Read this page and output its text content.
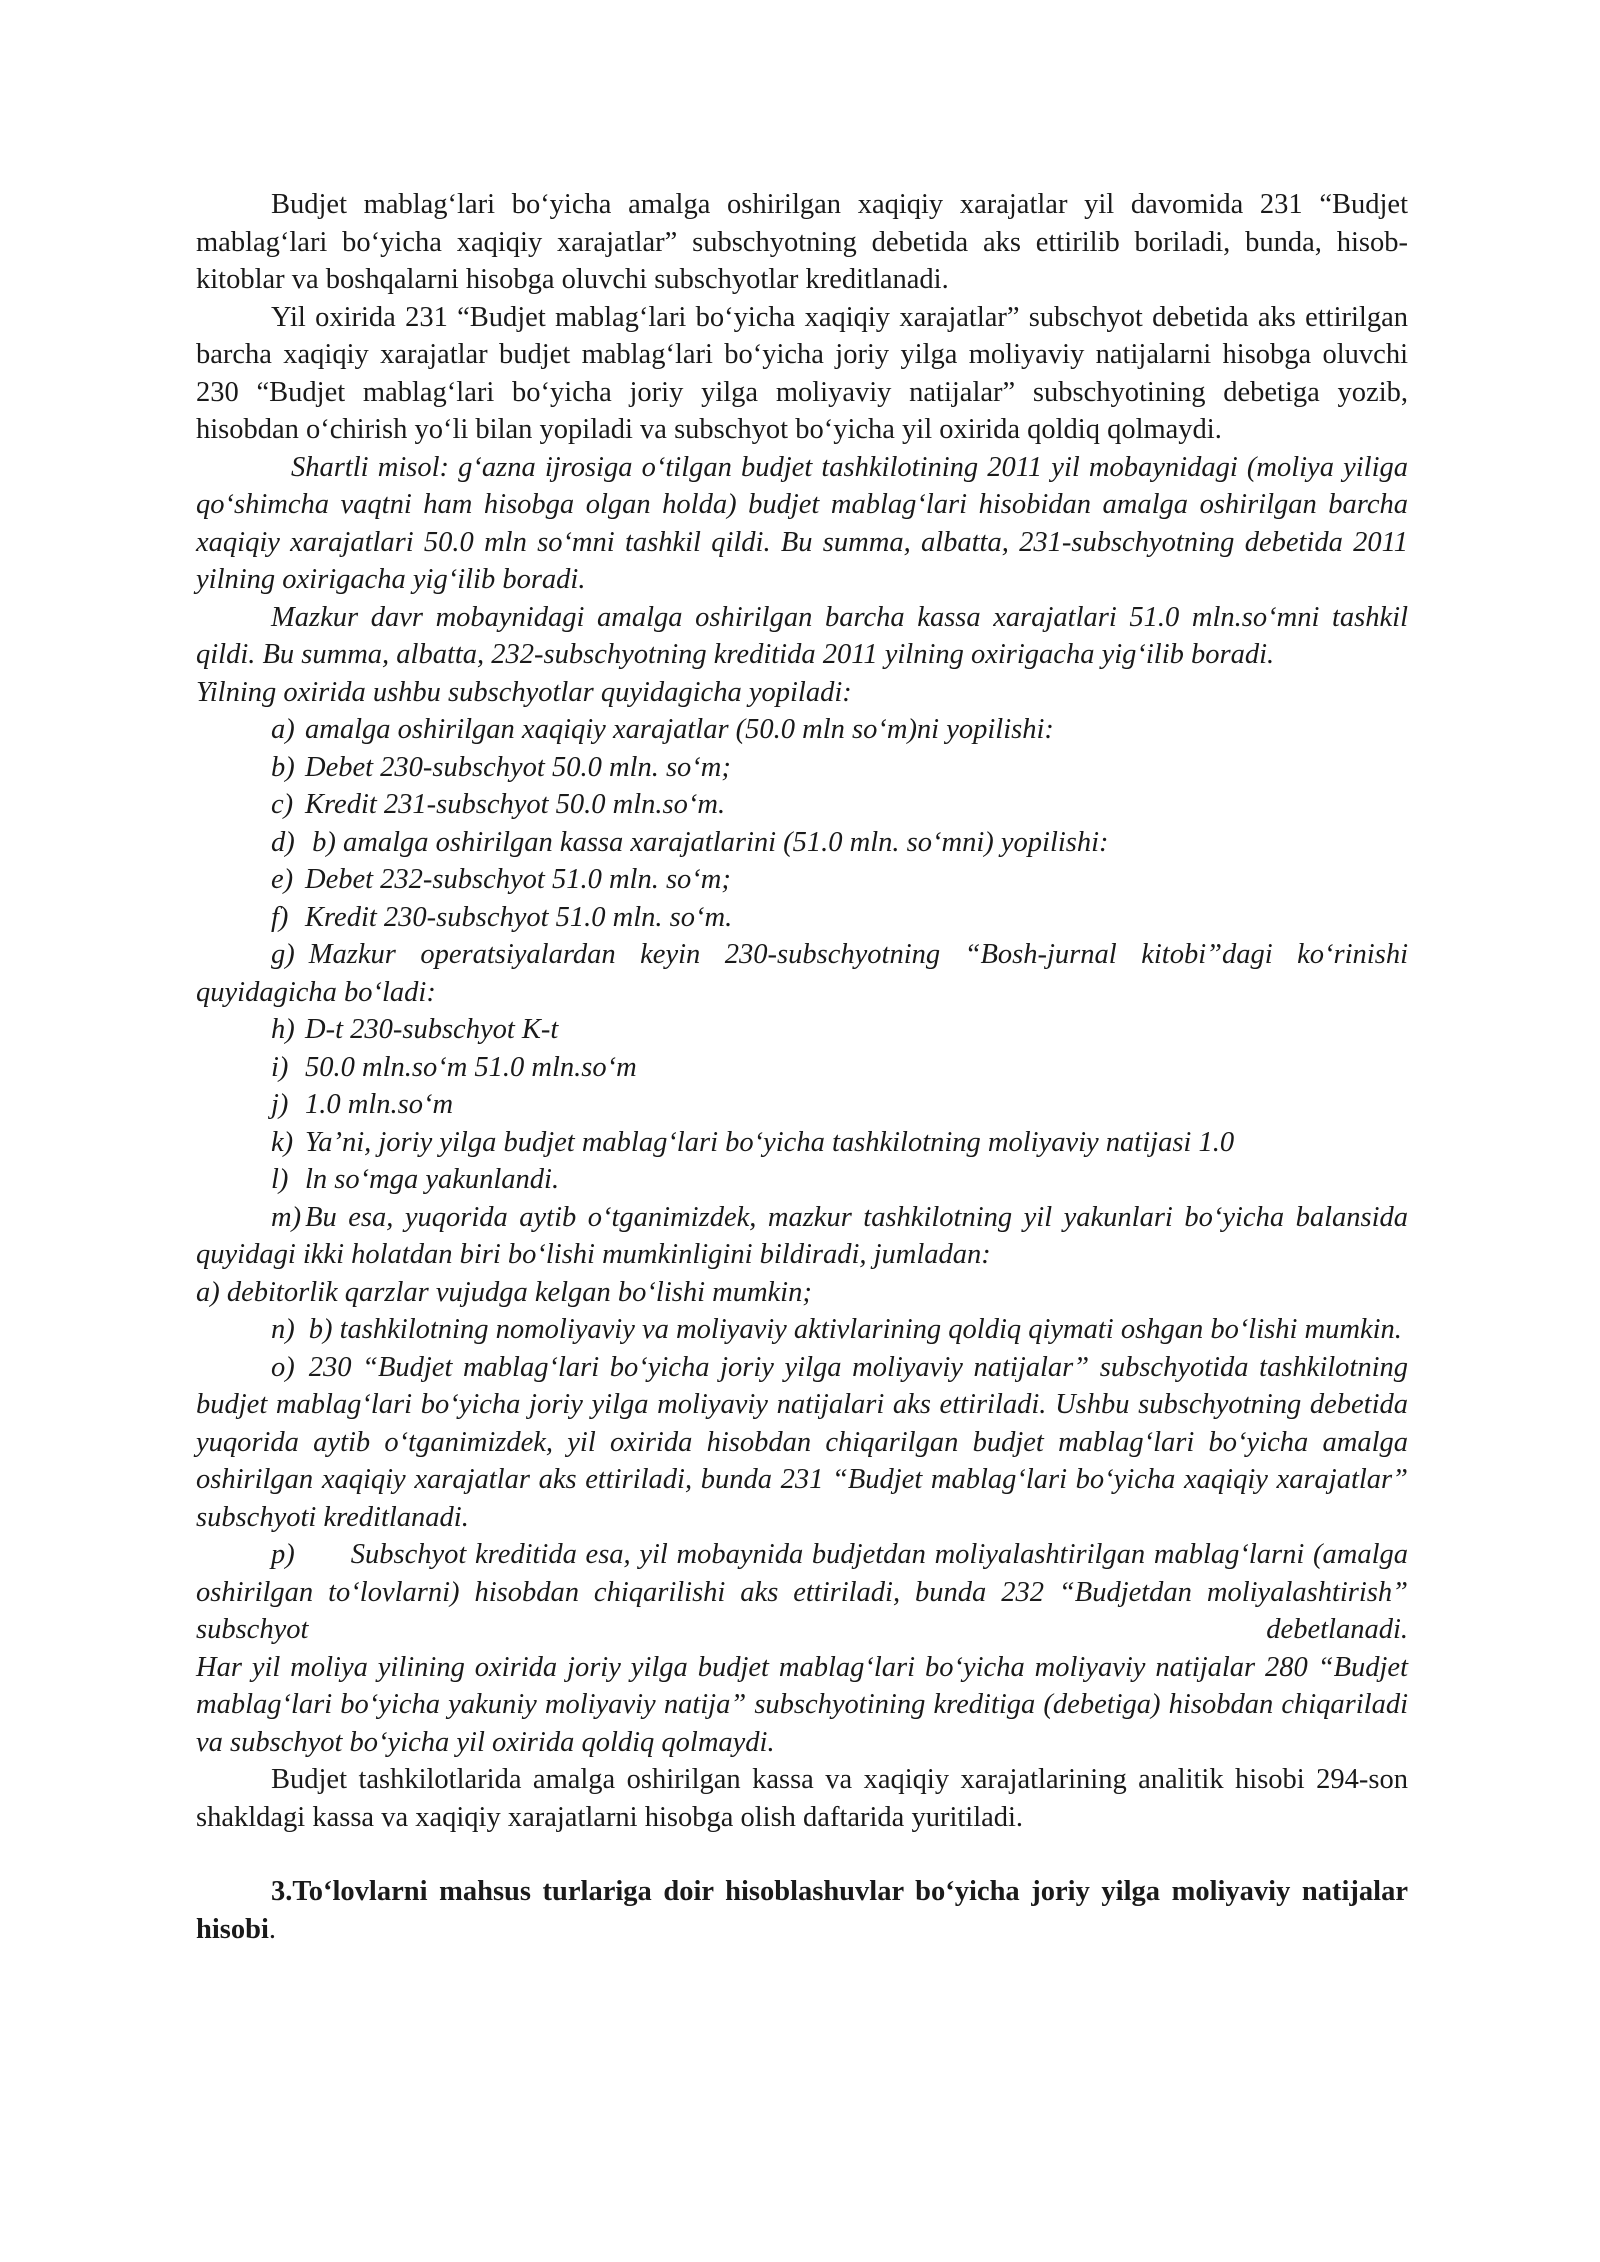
Budjet mablag‘lari bo‘yicha amalga oshirilgan xaqiqiy xarajatlar yil davomida 231 “Budjet mablag‘lari bo‘yicha xaqiqiy xarajatlar” subschyotning debetida aks ettirilib boriladi, bunda, hisob-kitoblar va boshqalarni hisobga oluvchi subschyotlar kreditlanadi.

Yil oxirida 231 “Budjet mablag‘lari bo‘yicha xaqiqiy xarajatlar” subschyot debetida aks ettirilgan barcha xaqiqiy xarajatlar budjet mablag‘lari bo‘yicha joriy yilga moliyaviy natijalarni hisobga oluvchi 230 “Budjet mablag‘lari bo‘yicha joriy yilga moliyaviy natijalar” subschyotining debetiga yozib, hisobdan o‘chirish yo‘li bilan yopiladi va subschyot bo‘yicha yil oxirida qoldiq qolmaydi.

Shartli misol: g‘azna ijrosiga o‘tilgan budjet tashkilotining 2011 yil mobaynidagi (moliya yiliga qo‘shimcha vaqtni ham hisobga olgan holda) budjet mablag‘lari hisobidan amalga oshirilgan barcha xaqiqiy xarajatlari 50.0 mln so‘mni tashkil qildi. Bu summa, albatta, 231-subschyotning debetida 2011 yilning oxirigacha yig‘ilib boradi.

Mazkur davr mobaynidagi amalga oshirilgan barcha kassa xarajatlari 51.0 mln.so‘mni tashkil qildi. Bu summa, albatta, 232-subschyotning kreditida 2011 yilning oxirigacha yig‘ilib boradi.

Yilning oxirida ushbu subschyotlar quyidagicha yopiladi:

a) amalga oshirilgan xaqiqiy xarajatlar (50.0 mln so‘m)ni yopilishi:
b) Debet 230-subschyot 50.0 mln. so‘m;
c) Kredit 231-subschyot 50.0 mln.so‘m.
d) b) amalga oshirilgan kassa xarajatlarini (51.0 mln. so‘mni) yopilishi:
e) Debet 232-subschyot 51.0 mln. so‘m;
f) Kredit 230-subschyot 51.0 mln. so‘m.

g) Mazkur operatsiyalardan keyin 230-subschyotning “Bosh-jurnal kitobi”dagi ko‘rinishi quyidagicha bo‘ladi:

h) D-t 230-subschyot K-t
i) 50.0 mln.so‘m 51.0 mln.so‘m
j) 1.0 mln.so‘m
k) Ya’ni, joriy yilga budjet mablag‘lari bo‘yicha tashkilotning moliyaviy natijasi 1.0
l) ln so‘mga yakunlandi.

m) Bu esa, yuqorida aytib o‘tganimizdek, mazkur tashkilotning yil yakunlari bo‘yicha balansida quyidagi ikki holatdan biri bo‘lishi mumkinligini bildiradi, jumladan:

a) debitorlik qarzlar vujudga kelgan bo‘lishi mumkin;

n) b) tashkilotning nomoliyaviy va moliyaviy aktivlarining qoldiq qiymati oshgan bo‘lishi mumkin.

o) 230 “Budjet mablag‘lari bo‘yicha joriy yilga moliyaviy natijalar” subschyotida tashkilotning budjet mablag‘lari bo‘yicha joriy yilga moliyaviy natijalari aks ettiriladi. Ushbu subschyotning debetida yuqorida aytib o‘tganimizdek, yil oxirida hisobdan chiqarilgan budjet mablag‘lari bo‘yicha amalga oshirilgan xaqiqiy xarajatlar aks ettiriladi, bunda 231 “Budjet mablag‘lari bo‘yicha xaqiqiy xarajatlar” subschyoti kreditlanadi.

p) Subschyot kreditida esa, yil mobaynida budjetdan moliyalashtirilgan mablag‘larni (amalga oshirilgan to‘lovlarni) hisobdan chiqarilishi aks ettiriladi, bunda 232 “Budjetdan moliyalashtirish” subschyot debetlanadi.

Har yil moliya yilining oxirida joriy yilga budjet mablag‘lari bo‘yicha moliyaviy natijalar 280 “Budjet mablag‘lari bo‘yicha yakuniy moliyaviy natija” subschyotining kreditiga (debetiga) hisobdan chiqariladi va subschyot bo‘yicha yil oxirida qoldiq qolmaydi.

Budjet tashkilotlarida amalga oshirilgan kassa va xaqiqiy xarajatlarining analitik hisobi 294-son shakldagi kassa va xaqiqiy xarajatlarni hisobga olish daftarida yuritiladi.

3.To‘lovlarni mahsus turlariga doir hisoblashuvlar bo‘yicha joriy yilga moliyaviy natijalar hisobi.
